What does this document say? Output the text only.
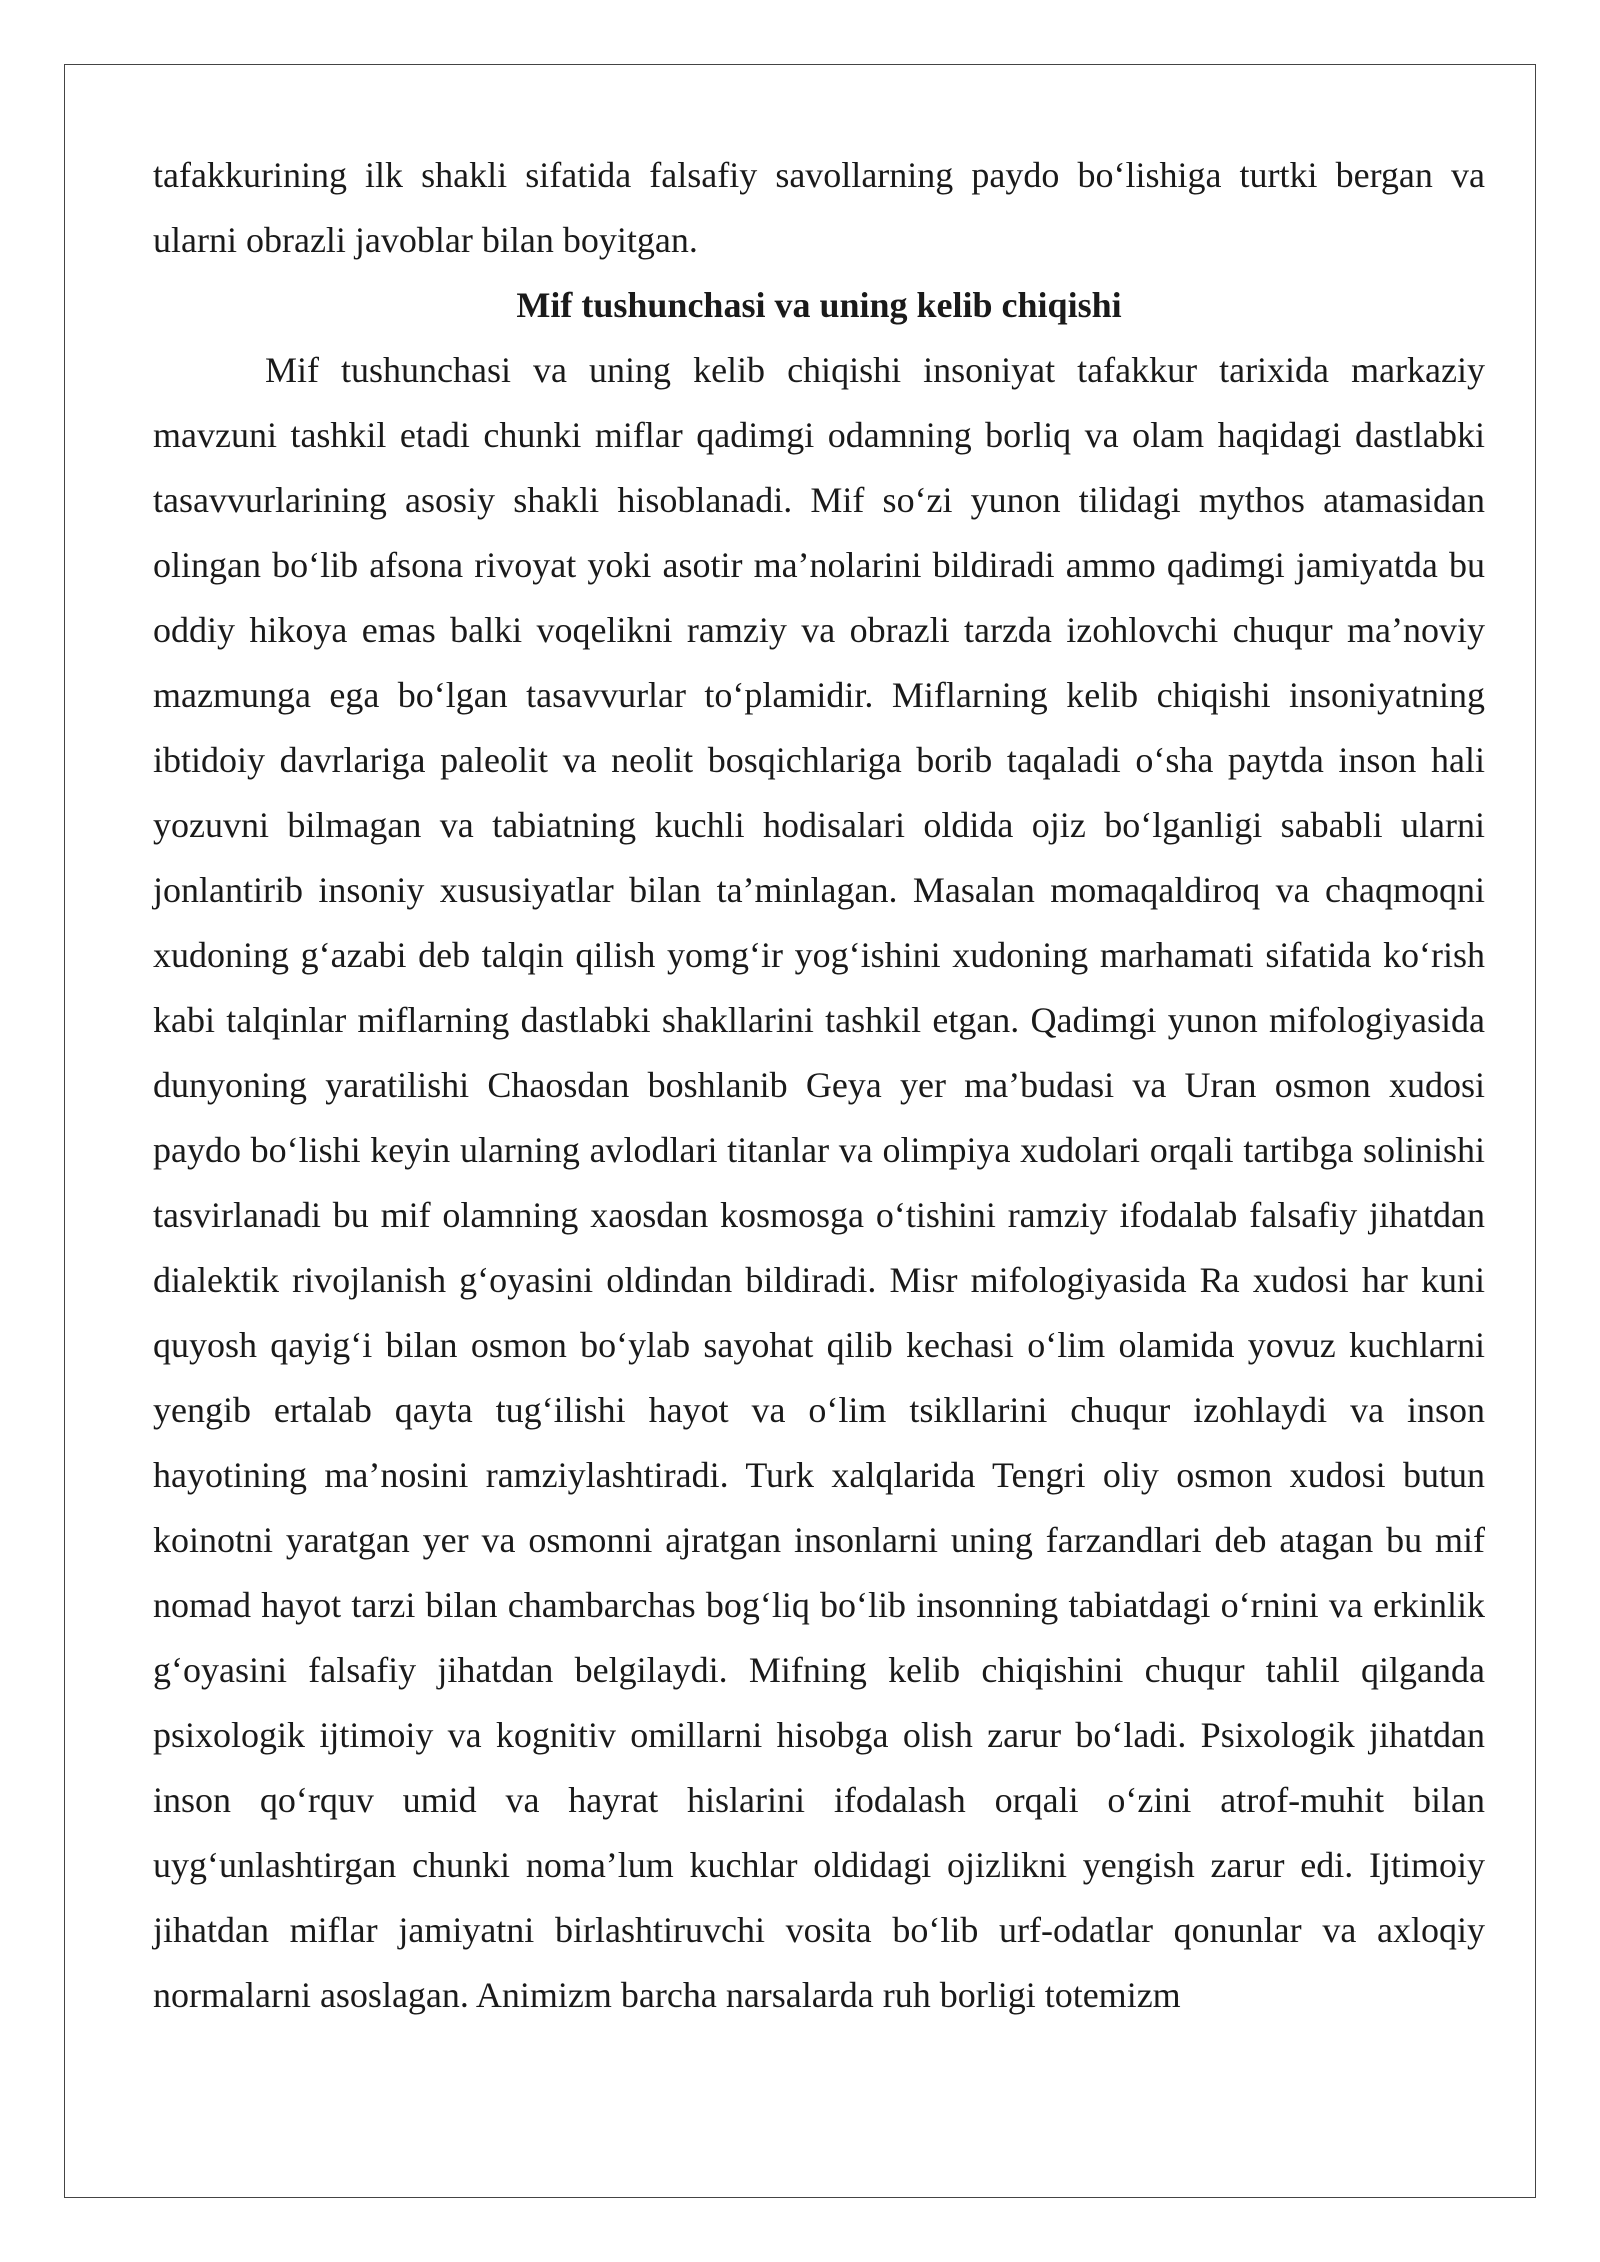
tafakkurining ilk shakli sifatida falsafiy savollarning paydo bo‘lishiga turtki bergan va ularni obrazli javoblar bilan boyitgan.

Mif tushunchasi va uning kelib chiqishi

Mif tushunchasi va uning kelib chiqishi insoniyat tafakkur tarixida markaziy mavzuni tashkil etadi chunki miflar qadimgi odamning borliq va olam haqidagi dastlabki tasavvurlarining asosiy shakli hisoblanadi. Mif so‘zi yunon tilidagi mythos atamasidan olingan bo‘lib afsona rivoyat yoki asotir ma’nolarini bildiradi ammo qadimgi jamiyatda bu oddiy hikoya emas balki voqelikni ramziy va obrazli tarzda izohlovchi chuqur ma’noviy mazmunga ega bo‘lgan tasavvurlar to‘plamidir. Miflarning kelib chiqishi insoniyatning ibtidoiy davrlariga paleolit va neolit bosqichlariga borib taqaladi o‘sha paytda inson hali yozuvni bilmagan va tabiatning kuchli hodisalari oldida ojiz bo‘lganligi sababli ularni jonlantirib insoniy xususiyatlar bilan ta’minlagan. Masalan momaqaldiroq va chaqmoqni xudoning g‘azabi deb talqin qilish yomg‘ir yog‘ishini xudoning marhamati sifatida ko‘rish kabi talqinlar miflarning dastlabki shakllarini tashkil etgan. Qadimgi yunon mifologiyasida dunyoning yaratilishi Chaosdan boshlanib Geya yer ma’budasi va Uran osmon xudosi paydo bo‘lishi keyin ularning avlodlari titanlar va olimpiya xudolari orqali tartibga solinishi tasvirlanadi bu mif olamning xaosdan kosmosga o‘tishini ramziy ifodalab falsafiy jihatdan dialektik rivojlanish g‘oyasini oldindan bildiradi. Misr mifologiyasida Ra xudosi har kuni quyosh qayig‘i bilan osmon bo‘ylab sayohat qilib kechasi o‘lim olamida yovuz kuchlarni yengib ertalab qayta tug‘ilishi hayot va o‘lim tsikllarini chuqur izohlaydi va inson hayotining ma’nosini ramziylashtiradi. Turk xalqlarida Tengri oliy osmon xudosi butun koinotni yaratgan yer va osmonni ajratgan insonlarni uning farzandlari deb atagan bu mif nomad hayot tarzi bilan chambarchas bog‘liq bo‘lib insonning tabiatdagi o‘rnini va erkinlik g‘oyasini falsafiy jihatdan belgilaydi. Mifning kelib chiqishini chuqur tahlil qilganda psixologik ijtimoiy va kognitiv omillarni hisobga olish zarur bo‘ladi. Psixologik jihatdan inson qo‘rquv umid va hayrat hislarini ifodalash orqali o‘zini atrof-muhit bilan uyg‘unlashtirgan chunki noma’lum kuchlar oldidagi ojizlikni yengish zarur edi. Ijtimoiy jihatdan miflar jamiyatni birlashtiruvchi vosita bo‘lib urf-odatlar qonunlar va axloqiy normalarni asoslagan. Animizm barcha narsalarda ruh borligi totemizm
